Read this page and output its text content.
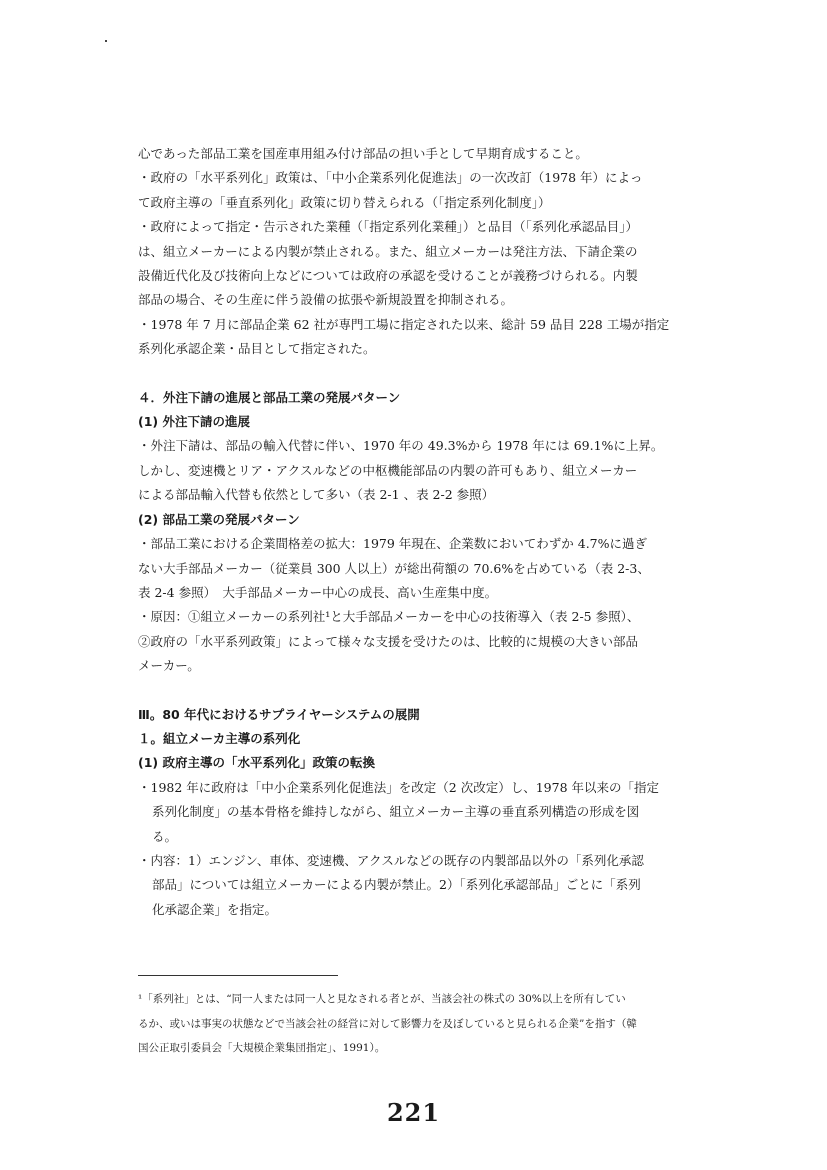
心であった部品工業を国産車用組み付け部品の担い手として早期育成すること。

・政府の「水平系列化」政策は、「中小企業系列化促進法」の一次改訂（1978 年）によっ

て政府主導の「垂直系列化」政策に切り替えられる（「指定系列化制度」）

・政府によって指定・告示された業種（「指定系列化業種」）と品目（「系列化承認品目」）

は、組立メーカーによる内製が禁止される。また、組立メーカーは発注方法、下請企業の

設備近代化及び技術向上などについては政府の承認を受けることが義務づけられる。内製

部品の場合、その生産に伴う設備の拡張や新規設置を抑制される。

・1978 年 7 月に部品企業 62 社が専門工場に指定された以来、総計 59 品目 228 工場が指定

系列化承認企業・品目として指定された。

４．外注下請の進展と部品工業の発展パターン

(1) 外注下請の進展

・外注下請は、部品の輸入代替に伴い、1970 年の 49.3%から 1978 年には 69.1%に上昇。

しかし、変速機とリア・アクスルなどの中枢機能部品の内製の許可もあり、組立メーカー

による部品輸入代替も依然として多い（表 2-1 、表 2-2 参照）

(2) 部品工業の発展パターン

・部品工業における企業間格差の拡大：1979 年現在、企業数においてわずか 4.7%に過ぎ

ない大手部品メーカー（従業員 300 人以上）が総出荷額の 70.6%を占めている（表 2-3、

表 2-4 参照）　大手部品メーカー中心の成長、高い生産集中度。

・原因：①組立メーカーの系列社¹と大手部品メーカーを中心の技術導入（表 2-5 参照）、

②政府の「水平系列政策」によって様々な支援を受けたのは、比較的に規模の大きい部品

メーカー。

Ⅲ。80 年代におけるサプライヤーシステムの展開

１。組立メーカ主導の系列化

(1) 政府主導の「水平系列化」政策の転換

・1982 年に政府は「中小企業系列化促進法」を改定（2 次改定）し、1978 年以来の「指定

系列化制度」の基本骨格を維持しながら、組立メーカー主導の垂直系列構造の形成を図

る。

・内容：1）エンジン、車体、変速機、アクスルなどの既存の内製部品以外の「系列化承認

部品」については組立メーカーによる内製が禁止。2）「系列化承認部品」ごとに「系列

化承認企業」を指定。

¹「系列社」とは、“同一人または同一人と見なされる者とが、当該会社の株式の 30%以上を所有してい

るか、或いは事実の状態などで当該会社の経営に対して影響力を及ぼしていると見られる企業”を指す（韓

国公正取引委員会「大規模企業集団指定」、1991）。

221
